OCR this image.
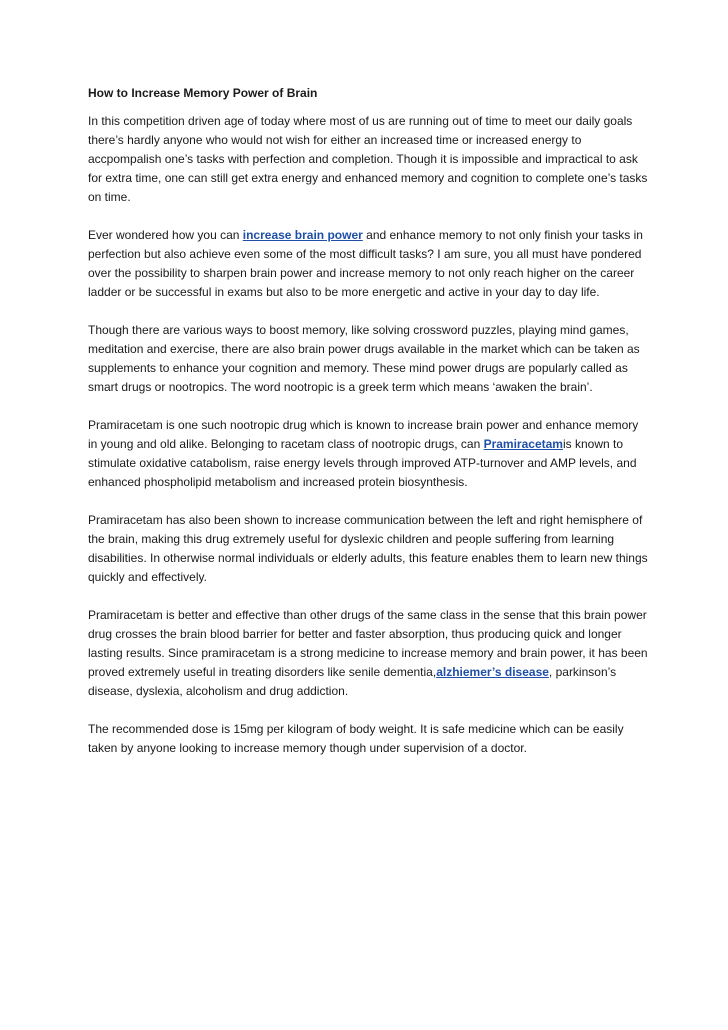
How to Increase Memory Power of Brain

In this competition driven age of today where most of us are running out of time to meet our daily goals there’s hardly anyone who would not wish for either an increased time or increased energy to accpompalish one’s tasks with perfection and completion. Though it is impossible and impractical to ask for extra time, one can still get extra energy and enhanced memory and cognition to complete one’s tasks on time.

Ever wondered how you can increase brain power and enhance memory to not only finish your tasks in perfection but also achieve even some of the most difficult tasks? I am sure, you all must have pondered over the possibility to sharpen brain power and increase memory to not only reach higher on the career ladder or be successful in exams but also to be more energetic and active in your day to day life.

Though there are various ways to boost memory, like solving crossword puzzles, playing mind games, meditation and exercise, there are also brain power drugs available in the market which can be taken as supplements to enhance your cognition and memory. These mind power drugs are popularly called as smart drugs or nootropics. The word nootropic is a greek term which means ‘awaken the brain’.

Pramiracetam is one such nootropic drug which is known to increase brain power and enhance memory in young and old alike. Belonging to racetam class of nootropic drugs, can Pramiracetamis known to stimulate oxidative catabolism, raise energy levels through improved ATP-turnover and AMP levels, and enhanced phospholipid metabolism and increased protein biosynthesis.

Pramiracetam has also been shown to increase communication between the left and right hemisphere of the brain, making this drug extremely useful for dyslexic children and people suffering from learning disabilities. In otherwise normal individuals or elderly adults, this feature enables them to learn new things quickly and effectively.

Pramiracetam is better and effective than other drugs of the same class in the sense that this brain power drug crosses the brain blood barrier for better and faster absorption, thus producing quick and longer lasting results. Since pramiracetam is a strong medicine to increase memory and brain power, it has been proved extremely useful in treating disorders like senile dementia,alzhiemer’s disease, parkinson’s disease, dyslexia, alcoholism and drug addiction.

The recommended dose is 15mg per kilogram of body weight. It is safe medicine which can be easily taken by anyone looking to increase memory though under supervision of a doctor.
